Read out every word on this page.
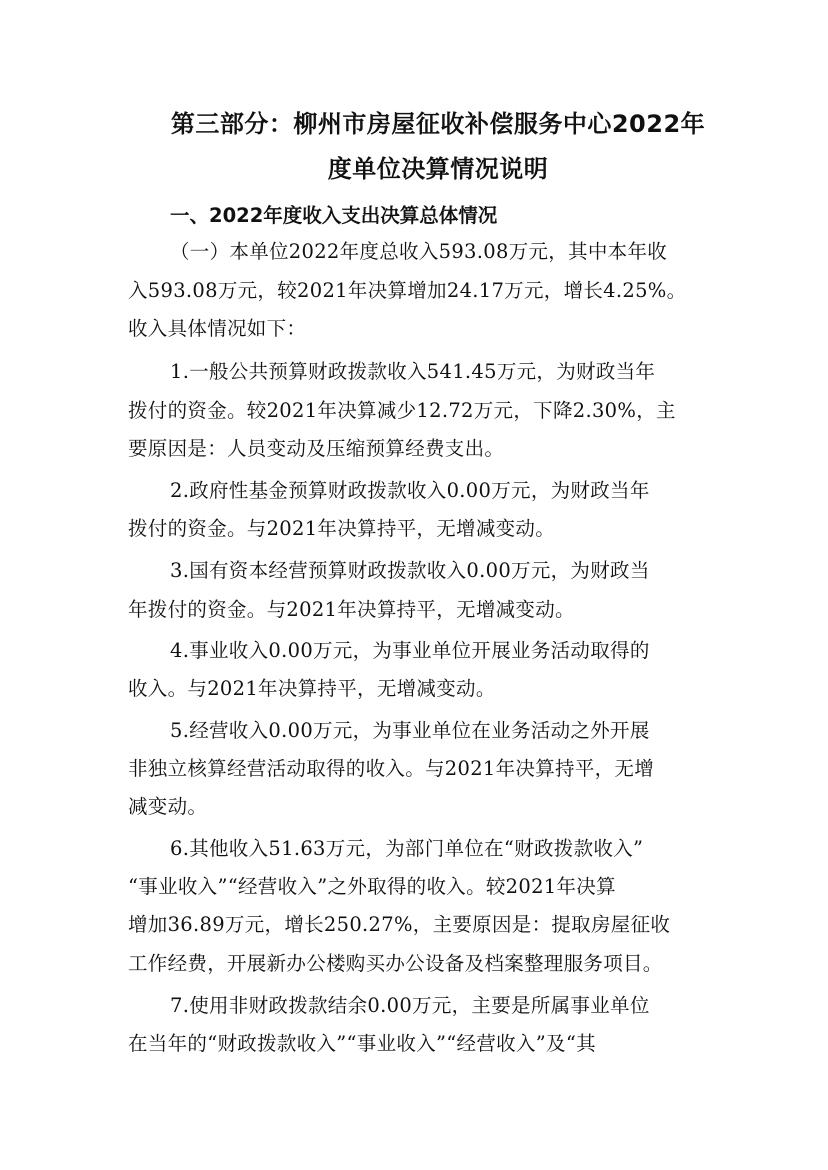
第三部分：柳州市房屋征收补偿服务中心2022年
度单位决算情况说明
一、2022年度收入支出决算总体情况

（一）本单位2022年度总收入593.08万元，其中本年收

入593.08万元，较2021年决算增加24.17万元，增长4.25%。

收入具体情况如下：

1.一般公共预算财政拨款收入541.45万元，为财政当年

拨付的资金。较2021年决算减少12.72万元，下降2.30%，主

要原因是：人员变动及压缩预算经费支出。

2.政府性基金预算财政拨款收入0.00万元，为财政当年

拨付的资金。与2021年决算持平，无增减变动。

3.国有资本经营预算财政拨款收入0.00万元，为财政当

年拨付的资金。与2021年决算持平，无增减变动。

4.事业收入0.00万元，为事业单位开展业务活动取得的

收入。与2021年决算持平，无增减变动。

5.经营收入0.00万元，为事业单位在业务活动之外开展

非独立核算经营活动取得的收入。与2021年决算持平，无增

减变动。

6.其他收入51.63万元，为部门单位在“财政拨款收入”

“事业收入”“经营收入”之外取得的收入。较2021年决算

增加36.89万元，增长250.27%，主要原因是：提取房屋征收

工作经费，开展新办公楼购买办公设备及档案整理服务项目。

7.使用非财政拨款结余0.00万元，主要是所属事业单位

在当年的“财政拨款收入”“事业收入”“经营收入”及“其
